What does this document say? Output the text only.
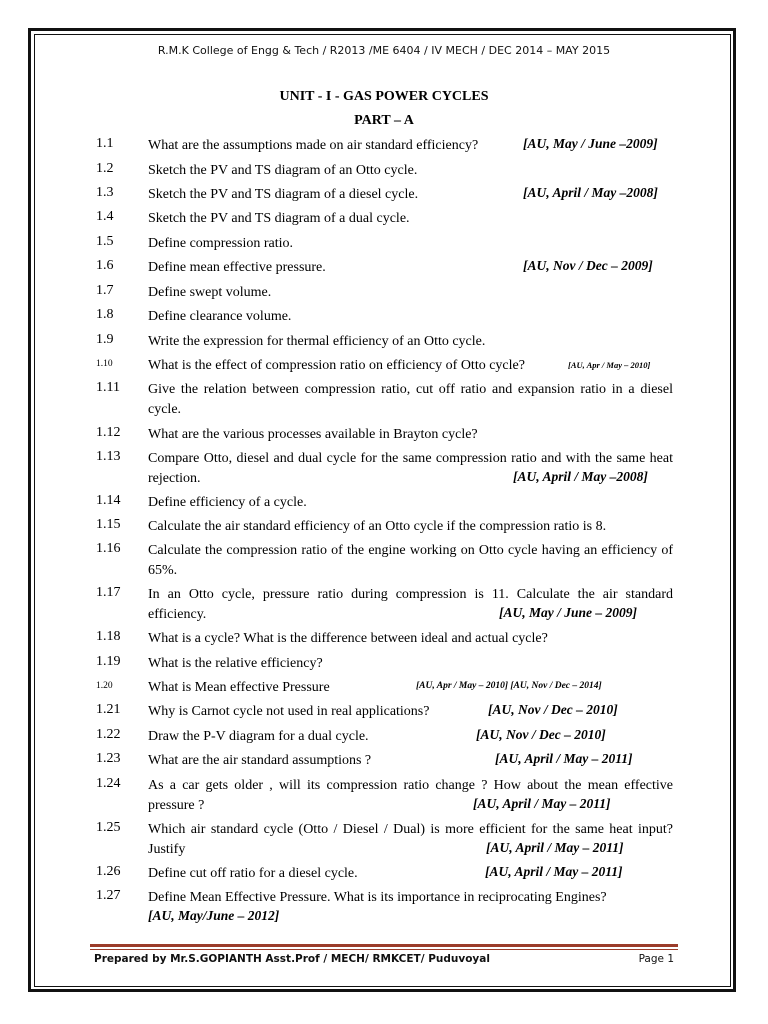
R.M.K College of Engg & Tech / R2013 /ME 6404 / IV MECH / DEC 2014 – MAY 2015
UNIT - I - GAS POWER CYCLES
PART – A
1.1	What are the assumptions made on air standard efficiency?	[AU, May / June –2009]
1.2	Sketch the PV and TS diagram of an Otto cycle.
1.3	Sketch the PV and TS diagram of a diesel cycle.	[AU, April / May –2008]
1.4	Sketch the PV and TS diagram of a dual cycle.
1.5	Define compression ratio.
1.6	Define mean effective pressure.	[AU, Nov / Dec – 2009]
1.7	Define swept volume.
1.8	Define clearance volume.
1.9	Write the expression for thermal efficiency of an Otto cycle.
1.10	What is the effect of compression ratio on efficiency of Otto cycle?	[AU, Apr / May – 2010]
1.11	Give the relation between compression ratio, cut off ratio and expansion ratio in a diesel cycle.
1.12	What are the various processes available in Brayton cycle?
1.13	Compare Otto, diesel and dual cycle for the same compression ratio and with the same heat rejection.	[AU, April / May –2008]
1.14	Define efficiency of a cycle.
1.15	Calculate the air standard efficiency of an Otto cycle if the compression ratio is 8.
1.16	Calculate the compression ratio of the engine working on Otto cycle having an efficiency of 65%.
1.17	In an Otto cycle, pressure ratio during compression is 11. Calculate the air standard efficiency.	[AU, May / June – 2009]
1.18	What is a cycle? What is the difference between ideal and actual cycle?
1.19	What is the relative efficiency?
1.20	What is Mean effective Pressure	[AU, Apr / May – 2010] [AU, Nov / Dec – 2014]
1.21	Why is Carnot cycle not used in real applications?	[AU, Nov / Dec – 2010]
1.22	Draw the P-V diagram for a dual cycle.	[AU, Nov / Dec – 2010]
1.23	What are the air standard assumptions ?	[AU, April / May – 2011]
1.24	As a car gets older , will its compression ratio change ? How about the mean effective pressure ?	[AU, April / May – 2011]
1.25	Which air standard cycle (Otto / Diesel / Dual) is more efficient for the same heat input? Justify	[AU, April / May – 2011]
1.26	Define cut off ratio for a diesel cycle.	[AU, April / May – 2011]
1.27	Define Mean Effective Pressure. What is its importance in reciprocating Engines?
[AU, May/June – 2012]
Prepared by Mr.S.GOPIANTH Asst.Prof / MECH/ RMKCET/ Puduvoyal	Page 1
